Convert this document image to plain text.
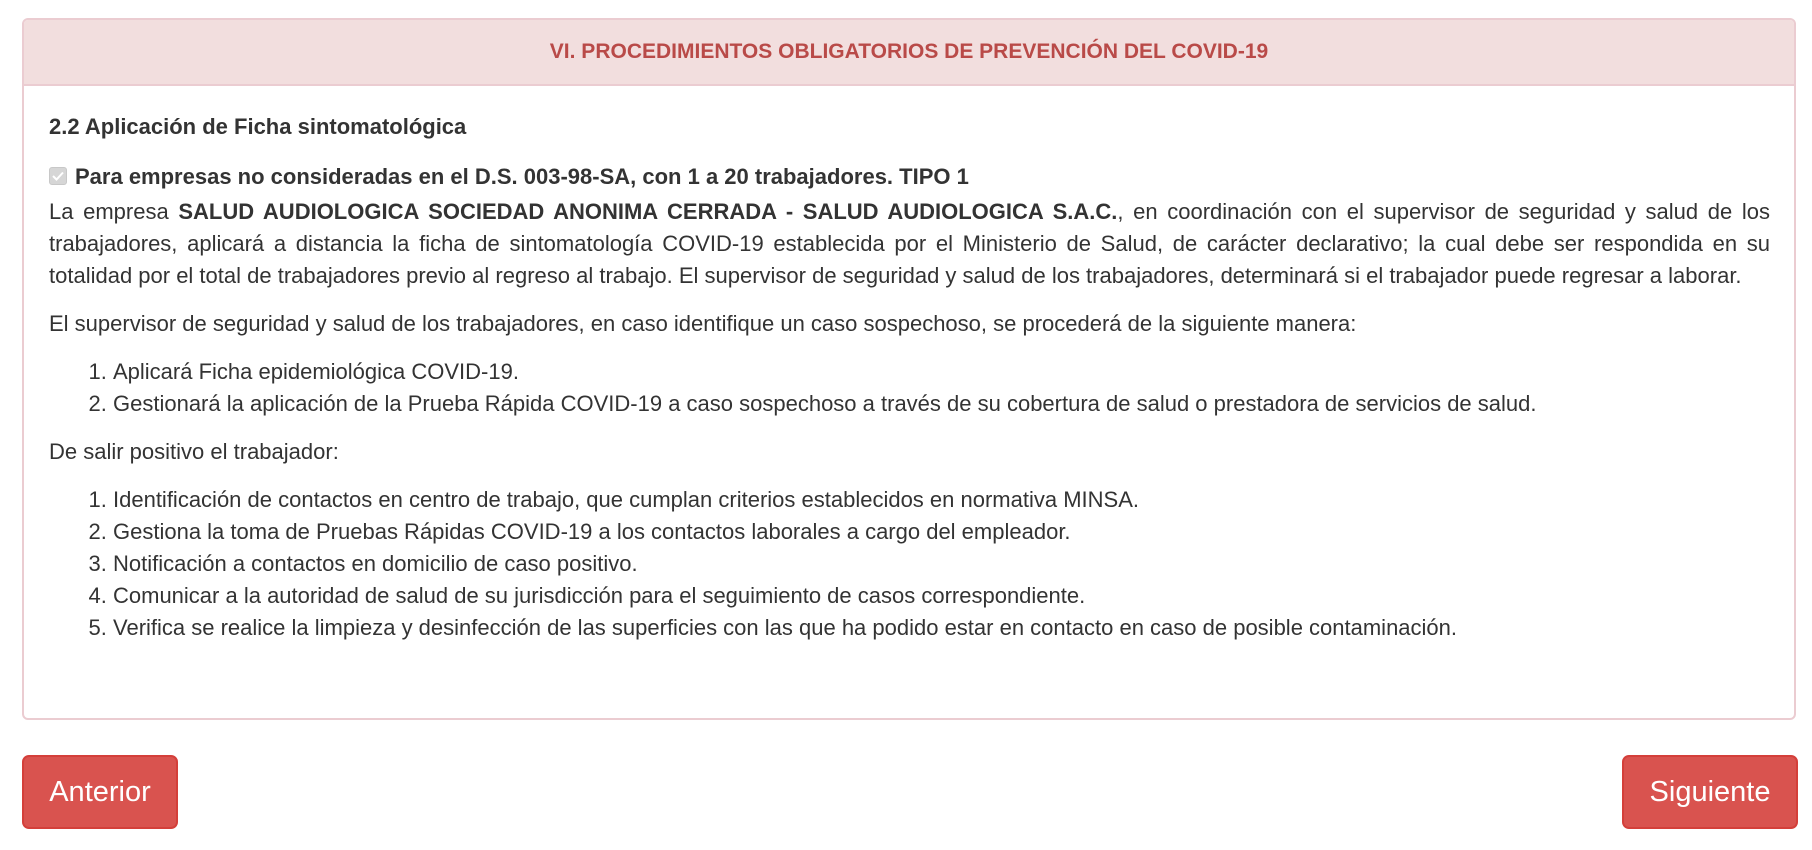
VI. PROCEDIMIENTOS OBLIGATORIOS DE PREVENCIÓN DEL COVID-19
2.2 Aplicación de Ficha sintomatológica
Para empresas no consideradas en el D.S. 003-98-SA, con 1 a 20 trabajadores. TIPO 1

La empresa SALUD AUDIOLOGICA SOCIEDAD ANONIMA CERRADA - SALUD AUDIOLOGICA S.A.C., en coordinación con el supervisor de seguridad y salud de los trabajadores, aplicará a distancia la ficha de sintomatología COVID-19 establecida por el Ministerio de Salud, de carácter declarativo; la cual debe ser respondida en su totalidad por el total de trabajadores previo al regreso al trabajo. El supervisor de seguridad y salud de los trabajadores, determinará si el trabajador puede regresar a laborar.

El supervisor de seguridad y salud de los trabajadores, en caso identifique un caso sospechoso, se procederá de la siguiente manera:

1. Aplicará Ficha epidemiológica COVID-19.
2. Gestionará la aplicación de la Prueba Rápida COVID-19 a caso sospechoso a través de su cobertura de salud o prestadora de servicios de salud.

De salir positivo el trabajador:

1. Identificación de contactos en centro de trabajo, que cumplan criterios establecidos en normativa MINSA.
2. Gestiona la toma de Pruebas Rápidas COVID-19 a los contactos laborales a cargo del empleador.
3. Notificación a contactos en domicilio de caso positivo.
4. Comunicar a la autoridad de salud de su jurisdicción para el seguimiento de casos correspondiente.
5. Verifica se realice la limpieza y desinfección de las superficies con las que ha podido estar en contacto en caso de posible contaminación.
Anterior	Siguiente
